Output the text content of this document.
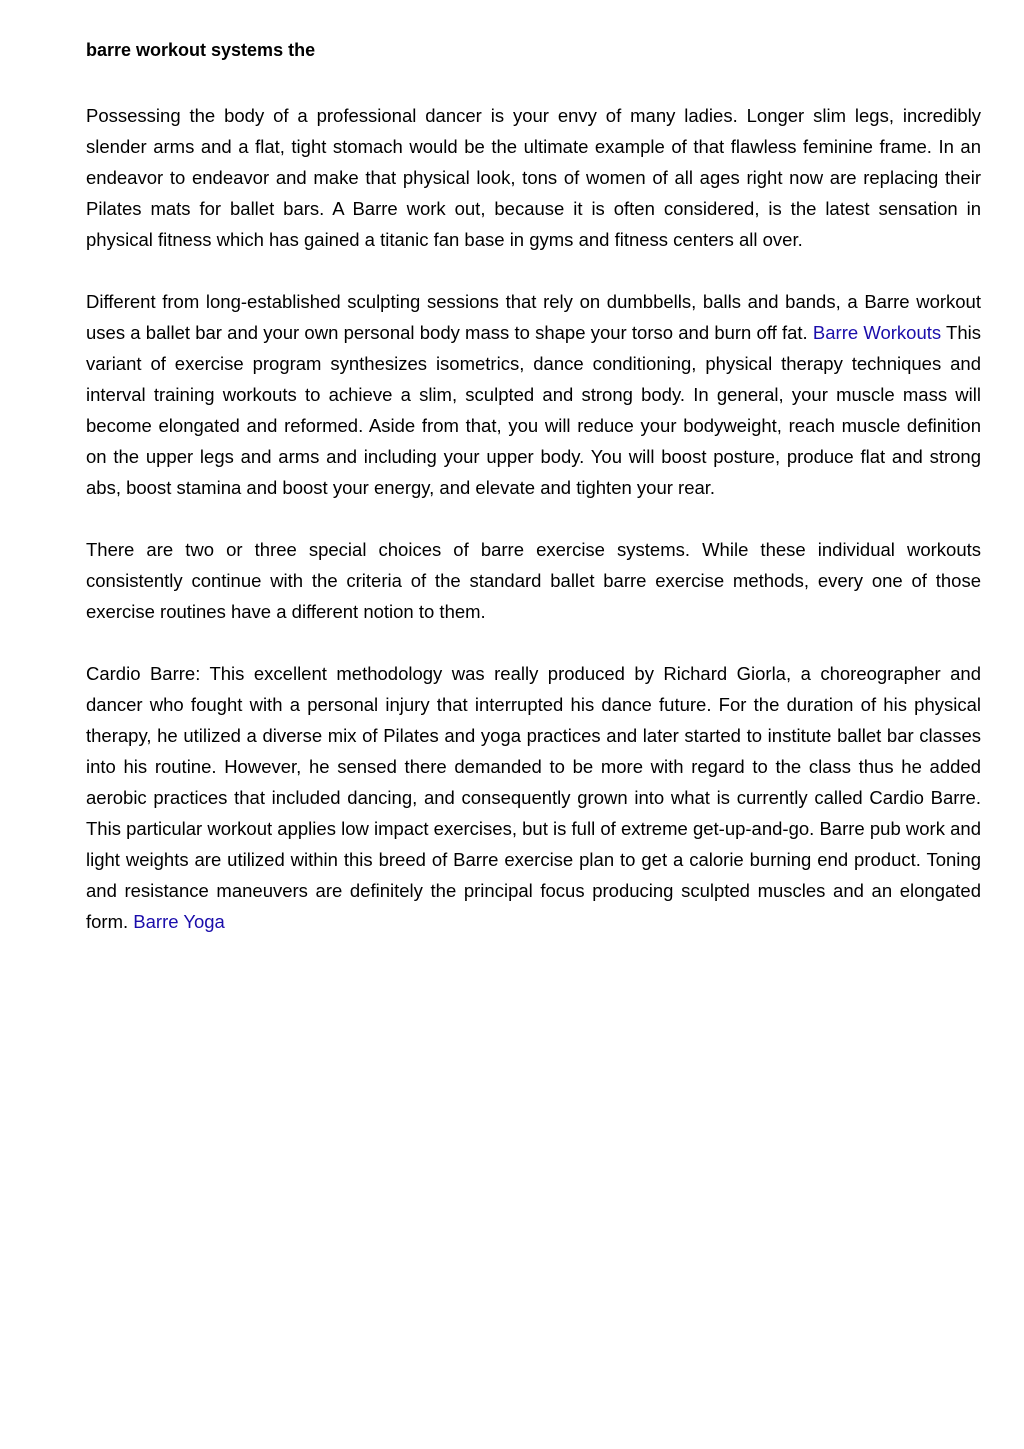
barre workout systems the

Possessing the body of a professional dancer is your envy of many ladies. Longer slim legs, incredibly slender arms and a flat, tight stomach would be the ultimate example of that flawless feminine frame. In an endeavor to endeavor and make that physical look, tons of women of all ages right now are replacing their Pilates mats for ballet bars. A Barre work out, because it is often considered, is the latest sensation in physical fitness which has gained a titanic fan base in gyms and fitness centers all over.

Different from long-established sculpting sessions that rely on dumbbells, balls and bands, a Barre workout uses a ballet bar and your own personal body mass to shape your torso and burn off fat. Barre Workouts This variant of exercise program synthesizes isometrics, dance conditioning, physical therapy techniques and interval training workouts to achieve a slim, sculpted and strong body. In general, your muscle mass will become elongated and reformed. Aside from that, you will reduce your bodyweight, reach muscle definition on the upper legs and arms and including your upper body. You will boost posture, produce flat and strong abs, boost stamina and boost your energy, and elevate and tighten your rear.

There are two or three special choices of barre exercise systems. While these individual workouts consistently continue with the criteria of the standard ballet barre exercise methods, every one of those exercise routines have a different notion to them.

Cardio Barre: This excellent methodology was really produced by Richard Giorla, a choreographer and dancer who fought with a personal injury that interrupted his dance future. For the duration of his physical therapy, he utilized a diverse mix of Pilates and yoga practices and later started to institute ballet bar classes into his routine. However, he sensed there demanded to be more with regard to the class thus he added aerobic practices that included dancing, and consequently grown into what is currently called Cardio Barre. This particular workout applies low impact exercises, but is full of extreme get-up-and-go. Barre pub work and light weights are utilized within this breed of Barre exercise plan to get a calorie burning end product. Toning and resistance maneuvers are definitely the principal focus producing sculpted muscles and an elongated form. Barre Yoga
